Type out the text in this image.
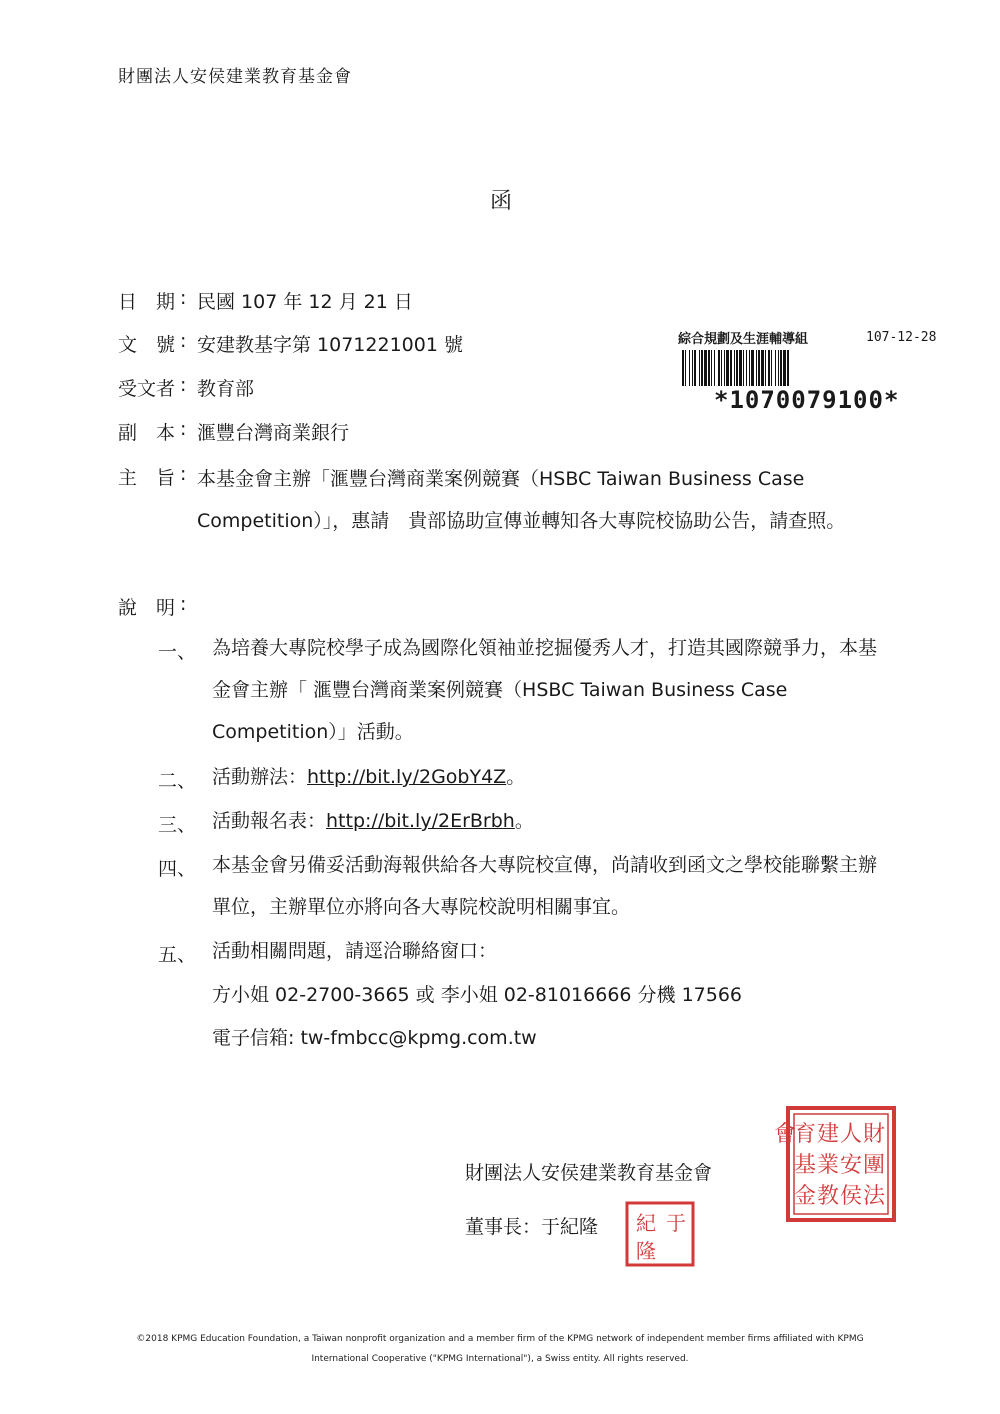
財團法人安侯建業教育基金會
函
日　期 : 民國 107 年 12 月 21 日
文　號 : 安建教基字第 1071221001 號
受文者 : 教育部
副　本 : 滙豐台灣商業銀行
主　旨 : 本基金會主辦「滙豐台灣商業案例競賽（HSBC Taiwan Business Case Competition）」，惠請　貴部協助宣傳並轉知各大專院校協助公告，請查照。
說　明 :
綜合規劃及生涯輔導組	107-12-28
*1070079100*
一、 為培養大專院校學子成為國際化領袖並挖掘優秀人才，打造其國際競爭力，本基金會主辦「 滙豐台灣商業案例競賽（HSBC Taiwan Business Case Competition）」活動。
二、 活動辦法：http://bit.ly/2GobY4Z。
三、 活動報名表：http://bit.ly/2ErBrbh。
四、 本基金會另備妥活動海報供給各大專院校宣傳，尚請收到函文之學校能聯繫主辦單位，主辦單位亦將向各大專院校說明相關事宜。
五、 活動相關問題，請逕洽聯絡窗口：
方小姐 02-2700-3665 或 李小姐 02-81016666 分機 17566
電子信箱: tw-fmbcc@kpmg.com.tw
財團法人安侯建業教育基金會
董事長：于紀隆
財
團
法
人
安
侯
建
業
教
育
基
金
會
于
紀
隆
©2018 KPMG Education Foundation, a Taiwan nonprofit organization and a member firm of the KPMG network of independent member firms affiliated with KPMG
International Cooperative ("KPMG International"), a Swiss entity. All rights reserved.
